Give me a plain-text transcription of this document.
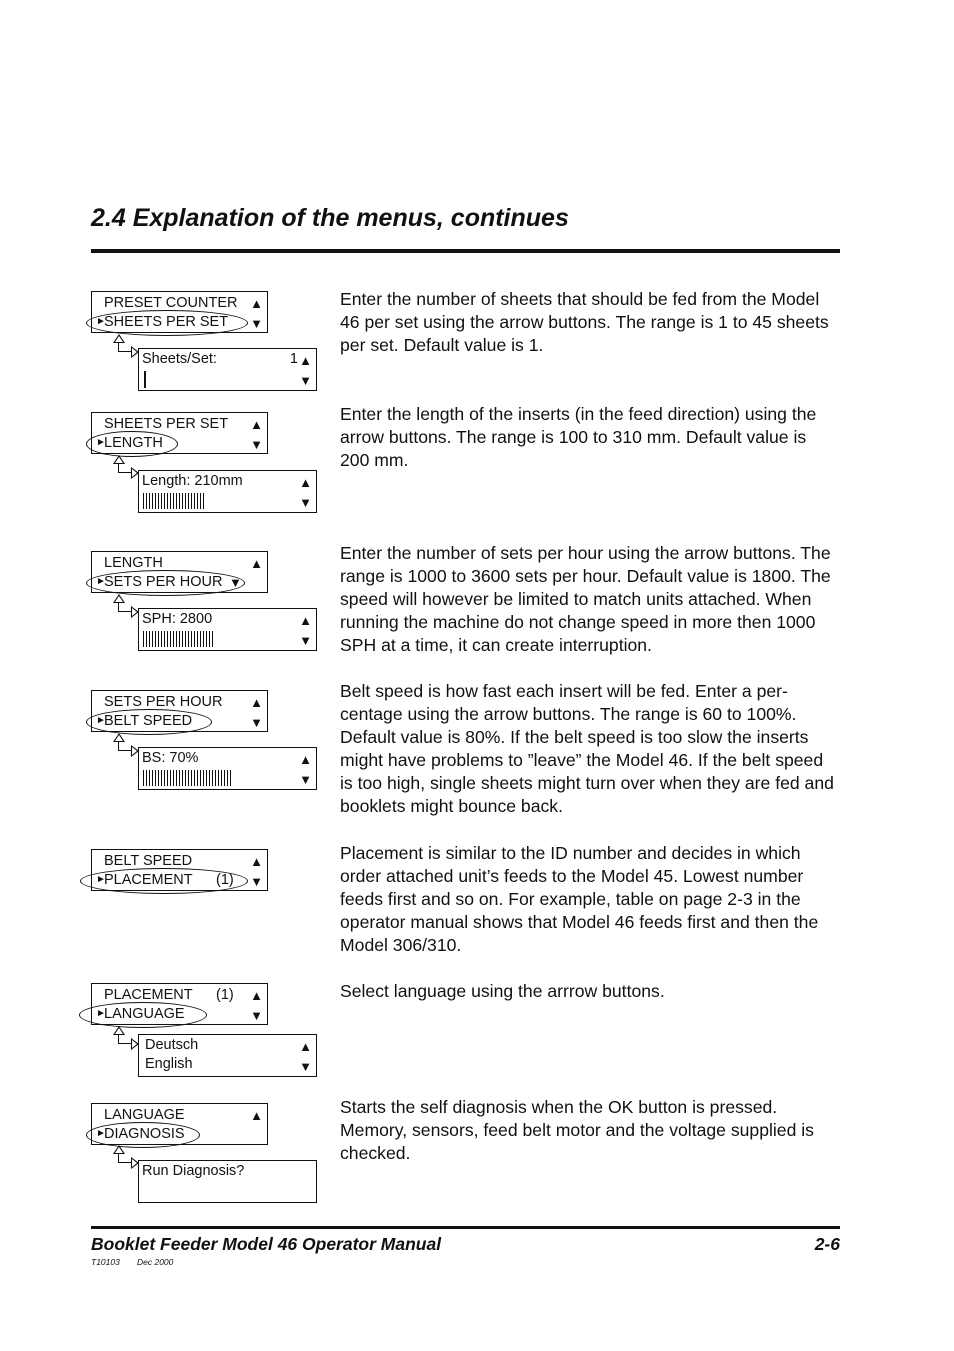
2.4 Explanation of the menus, continues
PRESET COUNTER
SHEETS PER SET
▲
▼
►
Sheets/Set:	1 ▲
▼

Enter the number of sheets that should be fed from the Model 46 per set using the arrow buttons. The range is 1 to 45 sheets per set. Default value is 1.

SHEETS PER SET
LENGTH
▲
▼
►
Length: 210mm	▲
▼

Enter the length of the inserts (in the feed direction) using the arrow buttons. The range is 100 to 310 mm. Default value is 200 mm.

LENGTH
SETS PER HOUR
▲
►	▼
SPH: 2800	▲
▼

Enter the number of sets per hour using the arrow buttons. The range is 1000 to 3600 sets per hour. Default value is 1800. The speed will however be limited to match units attached. When running the machine do not change speed in more then 1000 SPH at a time, it can create interruption.

SETS PER HOUR
BELT SPEED
▲
▼
►
BS: 70%	▲
▼

Belt speed is how fast each insert will be fed. Enter a per-centage using the arrow buttons. The range is 60 to 100%. Default value is 80%. If the belt speed is too slow the inserts might have problems to ”leave” the Model 46. If the belt speed is too high, single sheets might turn over when they are fed and booklets might bounce back.

BELT SPEED
PLACEMENT (1)
▲
▼
►

Placement is similar to the ID number and decides in which order attached unit’s feeds to the Model 45. Lowest number feeds first and so on. For example, table on page 2-3 in the operator manual shows that Model 46 feeds first and then the Model 306/310.

PLACEMENT (1)
LANGUAGE
▲
▼
►
Deutsch
English
▲
▼

Select language using the arrrow buttons.

LANGUAGE
DIAGNOSIS
▲
►
Run Diagnosis?

Starts the self diagnosis when the OK button is pressed. Memory, sensors, feed belt motor and the voltage supplied is checked.

Booklet Feeder Model 46 Operator Manual	2-6
T10103 Dec 2000
